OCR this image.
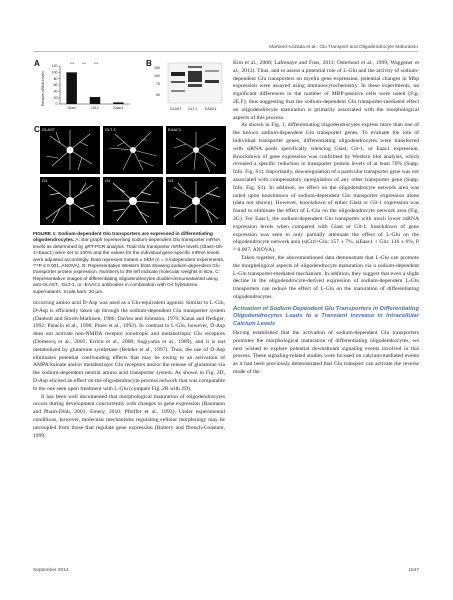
Martinez-Lozada et al.: Glu Transport and Oligodendrocyte Maturation
A
Relative mRNA Levels	0
20
40
60
80
100
120
Glast	Glt-1	Eaac1
*** *** ***	B 150
100
75
50
GLAST GLT-1 EAAC1
C GLAST	GLT-1	EAAC1
O4	O4	O4
FIGURE 1: Sodium-dependent Glu transporters are expressed in differentiating oligodendrocytes. A: Bar graph representing sodium-dependent Glu transporter mRNA levels as determined by qRT-PCR analysis. Total Glu transporter mRNA levels (Glast+Glt-1+Eaac1) were set to 100% and the values for the individual gene-specific mRNA levels were adjusted accordingly. Data represent means ± SEM (n = 3 independent experiments, ***P ≤ 0.001, ANOVA). B: Representative Western blots showing sodium-dependent Glu transporter protein expression. Numbers to the left indicate molecular weights in kDa. C: Representative images of differentiating oligodendrocytes double-immunostained using anti-GLAST, -GLT-1, or -EAAC1 antibodies in combination with O4 hybridoma supernatants. Scale bars: 20 µm.

occurring amino acid D-Asp was used as a Glu-equivalent agonist. Similar to L-Glu, D-Asp is efficiently taken up through the sodium-dependent Glu transporter system (Danbolt and Storm-Mathisen, 1986; Davies and Johnston, 1976; Kanai and Hediger, 1992; Palacin et al., 1998; Pines et al., 1992). In contrast to L-Glu, however, D-Asp does not activate non-NMDA receptor ionotropic and metabotropic Glu receptors (Domercq et al., 2005; Errico et al., 2008; Sugiyama et al., 1989), and it is not metabolized by glutamine synthetase (Bender et al., 1997). Thus, the use of D-Asp eliminates potential confounding effects that may be owing to an activation of AMPA/kainate and/or metabotropic Glu receptors and/or the release of glutamine via the sodium-dependent neutral amino acid transporter system. As shown in Fig. 2D, D-Asp elicited an effect on the oligodendrocyte process network that was comparable to the one seen upon treatment with L-Glu (compare Fig. 2B with 2D).

It has been well documented that morphological maturation of oligodendrocytes occurs during development concurrently with changes in gene expression (Baumann and Pham-Dinh, 2001; Emery, 2010; Pfeiffer et al., 1993). Under experimental conditions, however, molecular mechanisms regulating cellular morphology may be uncoupled from those that regulate gene expression (Buttery and ffrench-Constant, 1999;

Kim et al., 2006; Lafrenaye and Fuss, 2011; Osterhout et al., 1999; Waggener et al., 2013). Thus, and to assess a potential role of L-Glu and the activity of sodium-dependent Glu transporters on myelin gene expression, potential changes in Mbp expression were assayed using immunocytochemistry. In these experiments, no significant differences in the number of MBP-positive cells were noted (Fig. 2E,F), thus suggesting that the sodium-dependent Glu transporter-mediated effect on oligodendrocyte maturation is primarily associated with the morphological aspects of this process.

As shown in Fig. 1, differentiating oligodendrocytes express more than one of the known sodium-dependent Glu transporter genes. To evaluate the role of individual transporter genes, differentiating oligodendrocytes were transfected with siRNA pools specifically silencing Glast, Glt-1, or Eaac1 expression. Knockdown of gene expression was confirmed by Western blot analysis, which revealed a specific reduction in transporter protein levels of at least 70% (Supp. Info. Fig. S1). Importantly, downregulation of a particular transporter gene was not associated with compensatory upregulation of any other transporter gene (Supp. Info. Fig. S1). In addition, no effect on the oligodendrocyte network area was noted upon knockdown of sodium-dependent Glu transporter expression alone (data not shown). However, knockdown of either Glast or Glt-1 expression was found to eliminate the effect of L-Glu on the oligodendrocyte network area (Fig. 2G). For Eaac1, the sodium-dependent Glu transporter with much lower mRNA expression levels when compared with Glast or Glt-1, knockdown of gene expression was seen to only partially attenuate the effect of L-Glu on the oligodendrocyte network area (siCtrl+Glu: 157 ± 7%, siEaac1 + Glu: 136 ± 6%, P = 0.007, ANOVA).

Taken together, the abovementioned data demonstrate that L-Glu can promote the morphological aspects of oligodendrocyte maturation via a sodium-dependent L-Glu transporter-mediated mechanism. In addition, they suggest that even a slight decline in the oligodendrocyte-derived expression of sodium-dependent L-Glu transporters can reduce the effect of L-Glu on the maturation of differentiating oligodendrocytes.

Activation of Sodium-Dependent Glu Transporters in Differentiating Oligodendrocytes Leads to a Transient Increase in Intracellular Calcium Levels

Having established that the activation of sodium-dependent Glu transporters promotes the morphological maturation of differentiating oligodendrocytes, we next wished to explore potential downstream signaling events involved in this process. These signaling-related studies were focused on calcium-mediated events as it had been previously demonstrated that Glu transport can activate the reverse mode of the

September 2014	1547
